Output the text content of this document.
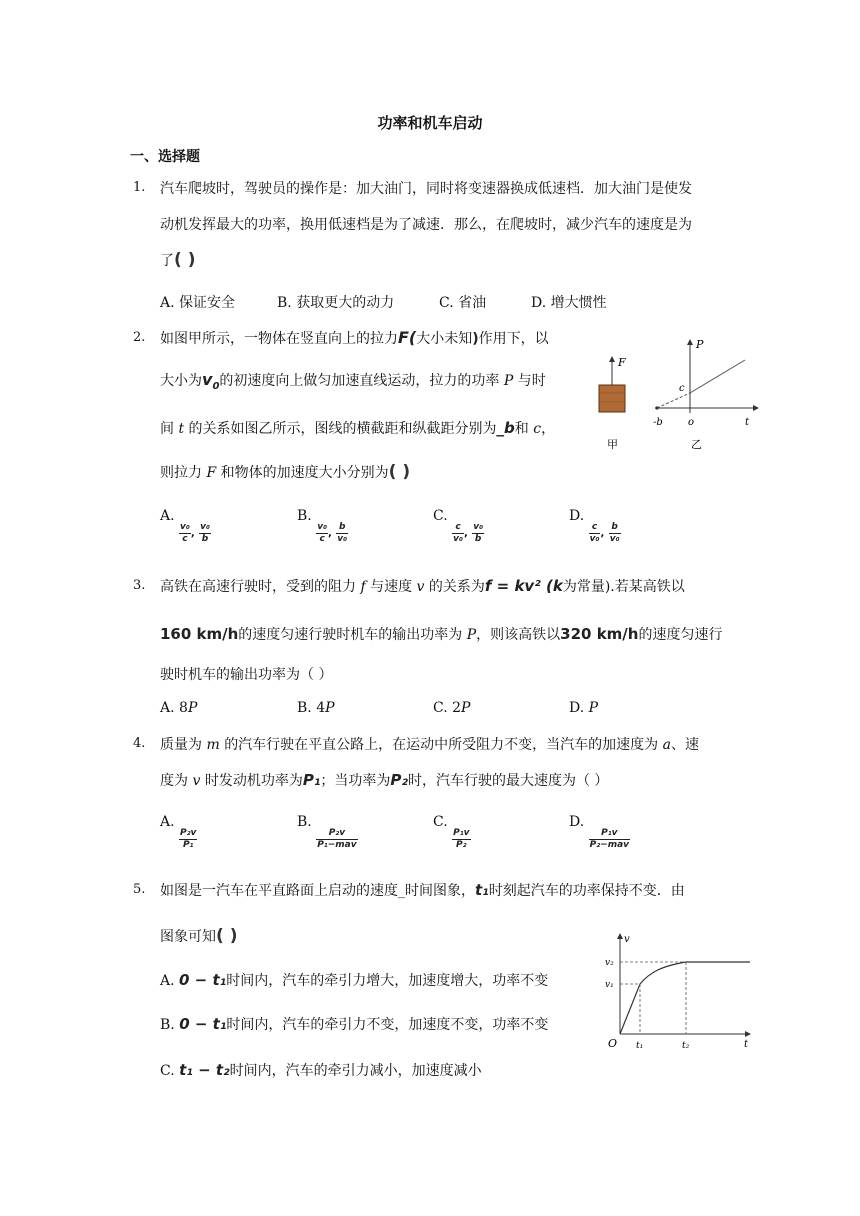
功率和机车启动
一、选择题
1. 汽车爬坡时，驾驶员的操作是：加大油门，同时将变速器换成低速档．加大油门是使发
动机发挥最大的功率，换用低速档是为了减速．那么，在爬坡时，减少汽车的速度是为
了( )
A. 保证安全	B. 获取更大的动力	C. 省油	D. 增大惯性
2. 如图甲所示，一物体在竖直向上的拉力F(大小未知)作用下，以
大小为$v_0$的初速度向上做匀加速直线运动，拉力的功率 P 与时
间 t 的关系如图乙所示，图线的横截距和纵截距分别为_b和 c，
则拉力 F 和物体的加速度大小分别为( )
A.
$\frac{\text{v₀}}{c}$ , $\frac{\text{v₀}}{b}$
B.
$\frac{\text{v₀}}{c}$ , $\frac{b}{\text{v₀}}$
C.
$\frac{c}{\text{v₀}}$ , $\frac{\text{v₀}}{b}$
D.
$\frac{c}{\text{v₀}}$ , $\frac{b}{\text{v₀}}$
F
甲
P
c
-b	o	t
乙
3. 高铁在高速行驶时，受到的阻力 f 与速度 v 的关系为f = kv² (k为常量).若某高铁以
160 km/h的速度匀速行驶时机车的输出功率为 P，则该高铁以320 km/h的速度匀速行
驶时机车的输出功率为（ ）
A. 8P	B. 4P	C. 2P	D. P
4. 质量为 m 的汽车行驶在平直公路上，在运动中所受阻力不变，当汽车的加速度为 a、速
度为 v 时发动机功率为P₁；当功率为P₂时，汽车行驶的最大速度为（ ）
A.
$\frac{\text{P₂v}}{\text{P₁}}$
B.
$\frac{\text{P₂v}}{\text{P₁−mav}}$
C.
$\frac{\text{P₁v}}{\text{P₂}}$
D.
$\frac{\text{P₁v}}{\text{P₂−mav}}$
5. 如图是一汽车在平直路面上启动的速度_时间图象，t₁时刻起汽车的功率保持不变．由
图象可知( )
A. 0 − t₁时间内，汽车的牵引力增大，加速度增大，功率不变
B. 0 − t₁时间内，汽车的牵引力不变，加速度不变，功率不变
C. t₁ − t₂时间内，汽车的牵引力减小，加速度减小
v
v₂
v₁
O t₁	t₂	t
